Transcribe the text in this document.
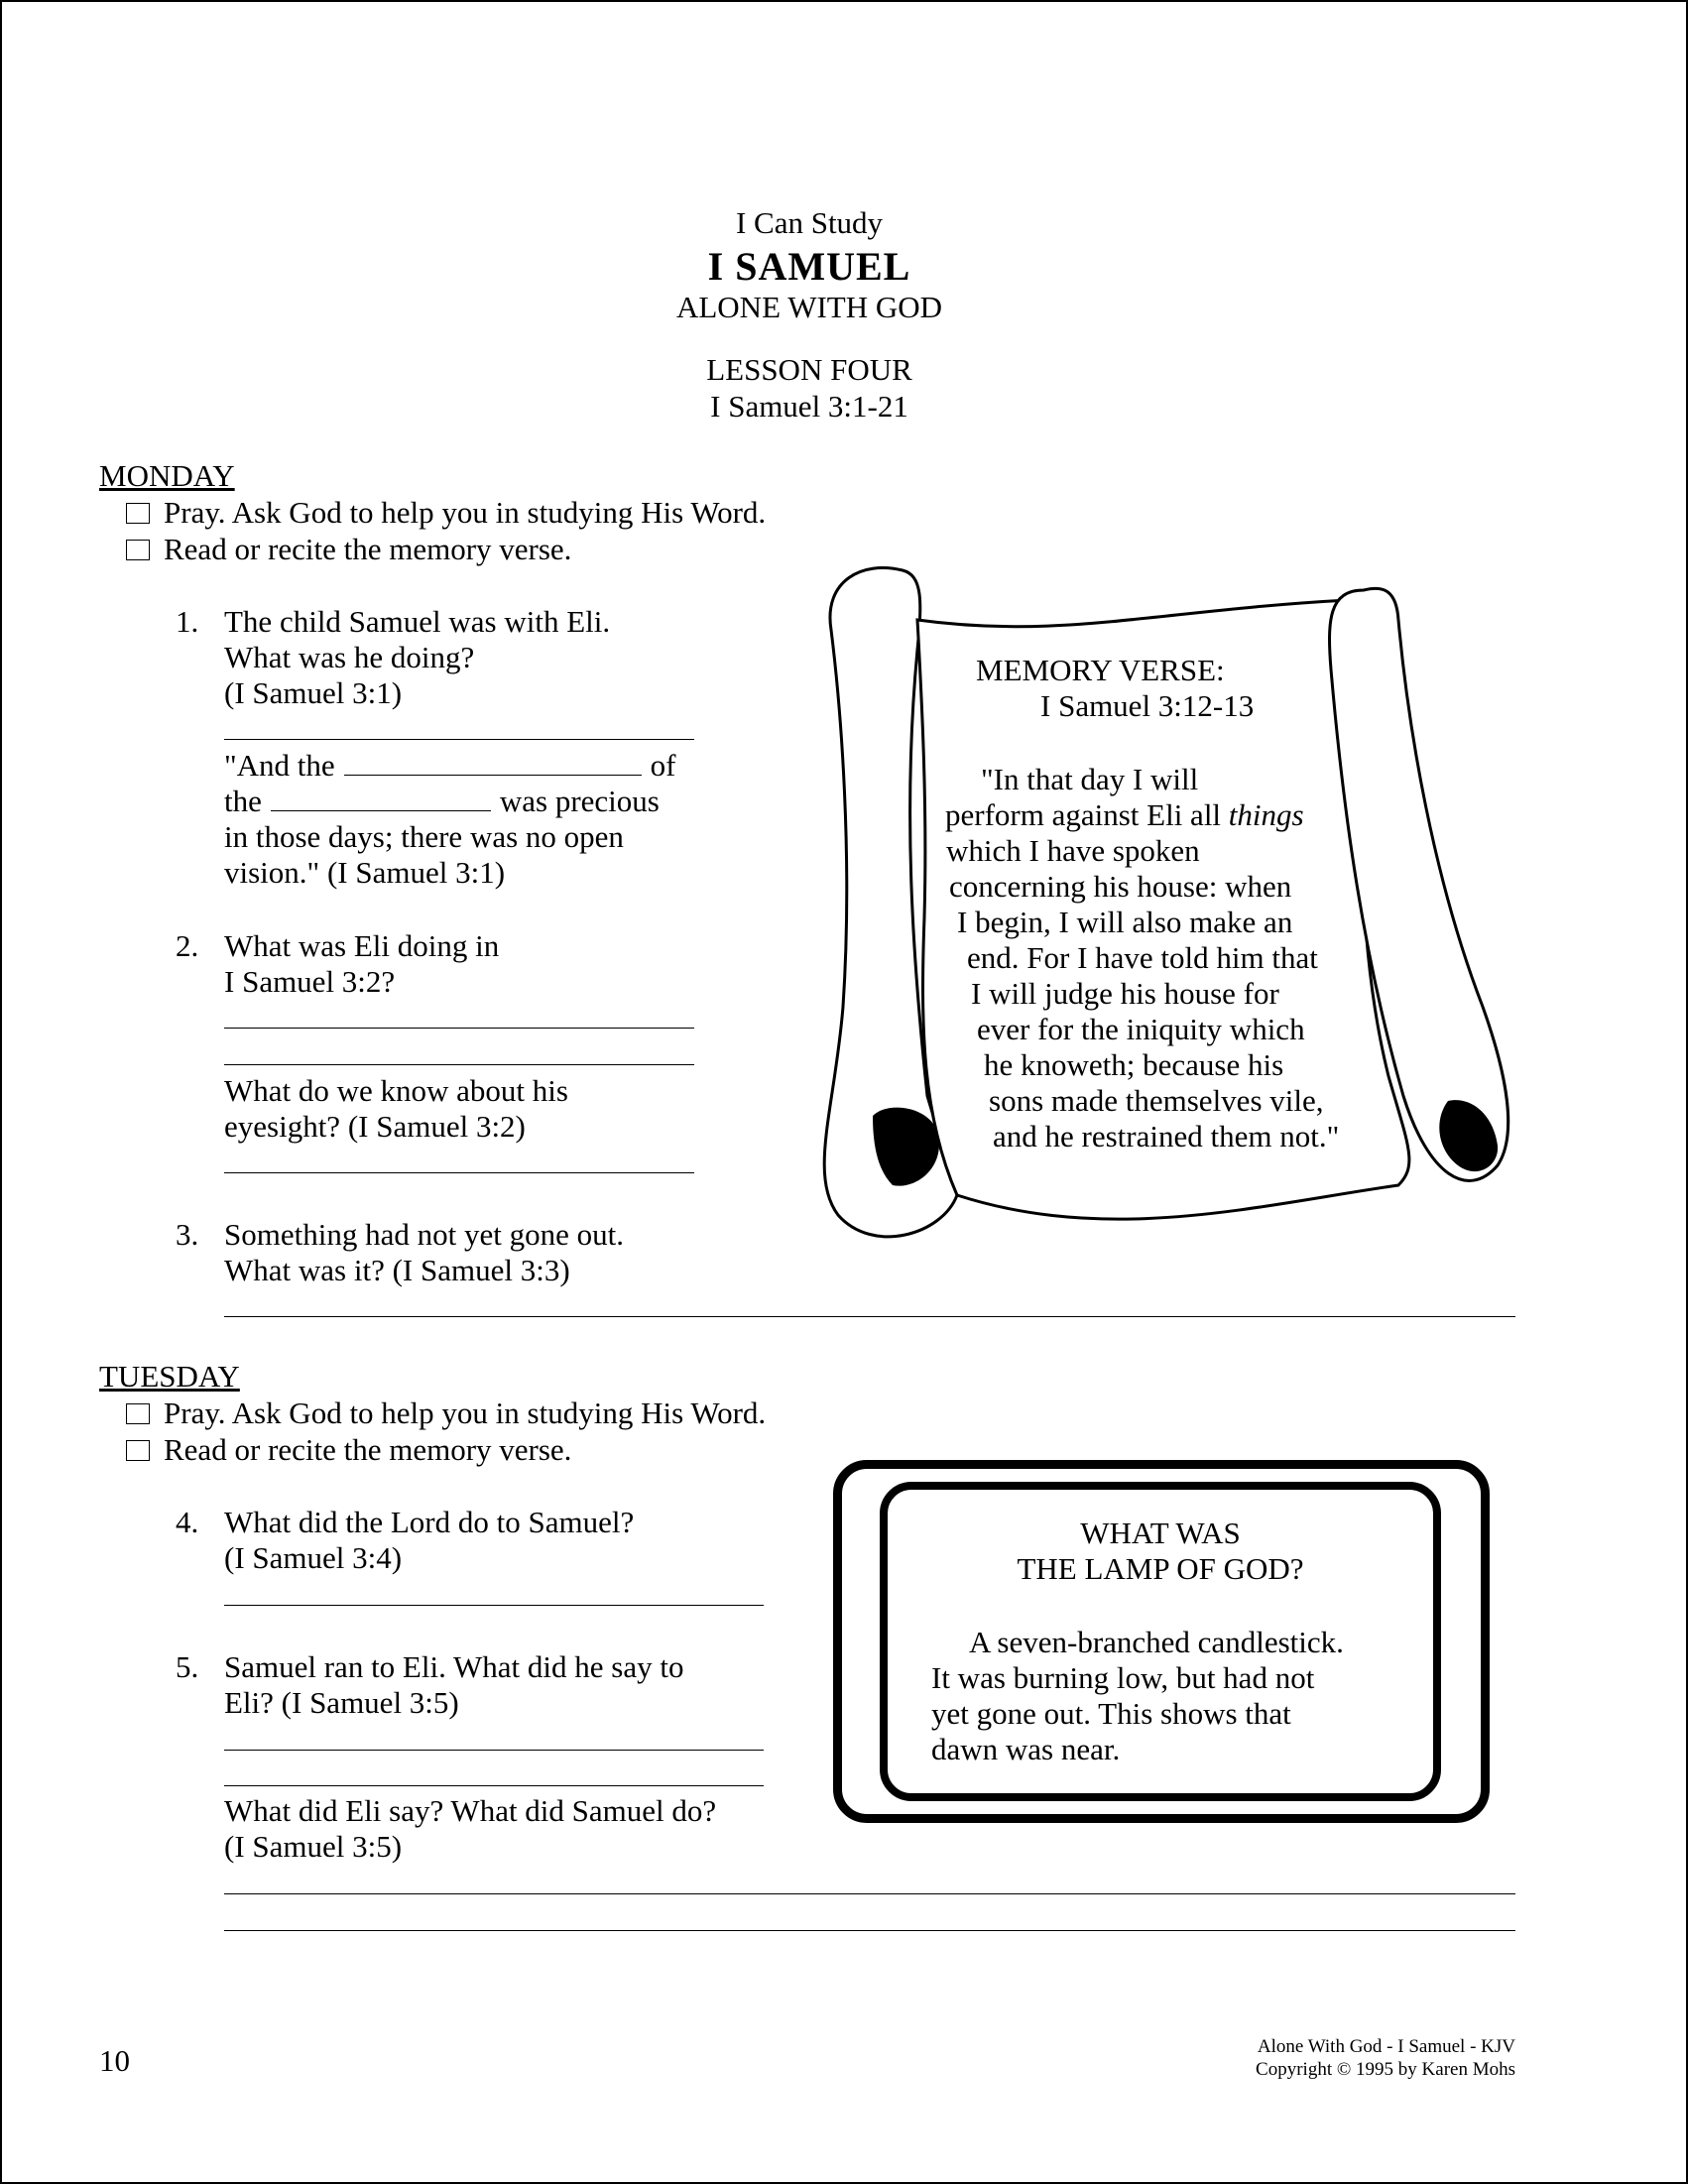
I Can Study
I SAMUEL
ALONE WITH GOD
LESSON FOUR
I Samuel 3:1-21
MONDAY
Pray. Ask God to help you in studying His Word.
Read or recite the memory verse.
1. The child Samuel was with Eli.
What was he doing?
(I Samuel 3:1)
"And the	of
the	was precious
in those days; there was no open
vision." (I Samuel 3:1)
2. What was Eli doing in
I Samuel 3:2?
What do we know about his
eyesight? (I Samuel 3:2)
3. Something had not yet gone out.
What was it? (I Samuel 3:3)
MEMORY VERSE:
I Samuel 3:12-13
"In that day I will
perform against Eli all things
which I have spoken
concerning his house: when
I begin, I will also make an
end. For I have told him that
I will judge his house for
ever for the iniquity which
he knoweth; because his
sons made themselves vile,
and he restrained them not."
TUESDAY
Pray. Ask God to help you in studying His Word.
Read or recite the memory verse.
4. What did the Lord do to Samuel?
(I Samuel 3:4)
5. Samuel ran to Eli. What did he say to
Eli? (I Samuel 3:5)
What did Eli say? What did Samuel do?
(I Samuel 3:5)
WHAT WAS
THE LAMP OF GOD?
A seven-branched candlestick.
It was burning low, but had not
yet gone out. This shows that
dawn was near.
10	Alone With God - I Samuel - KJV
Copyright © 1995 by Karen Mohs
